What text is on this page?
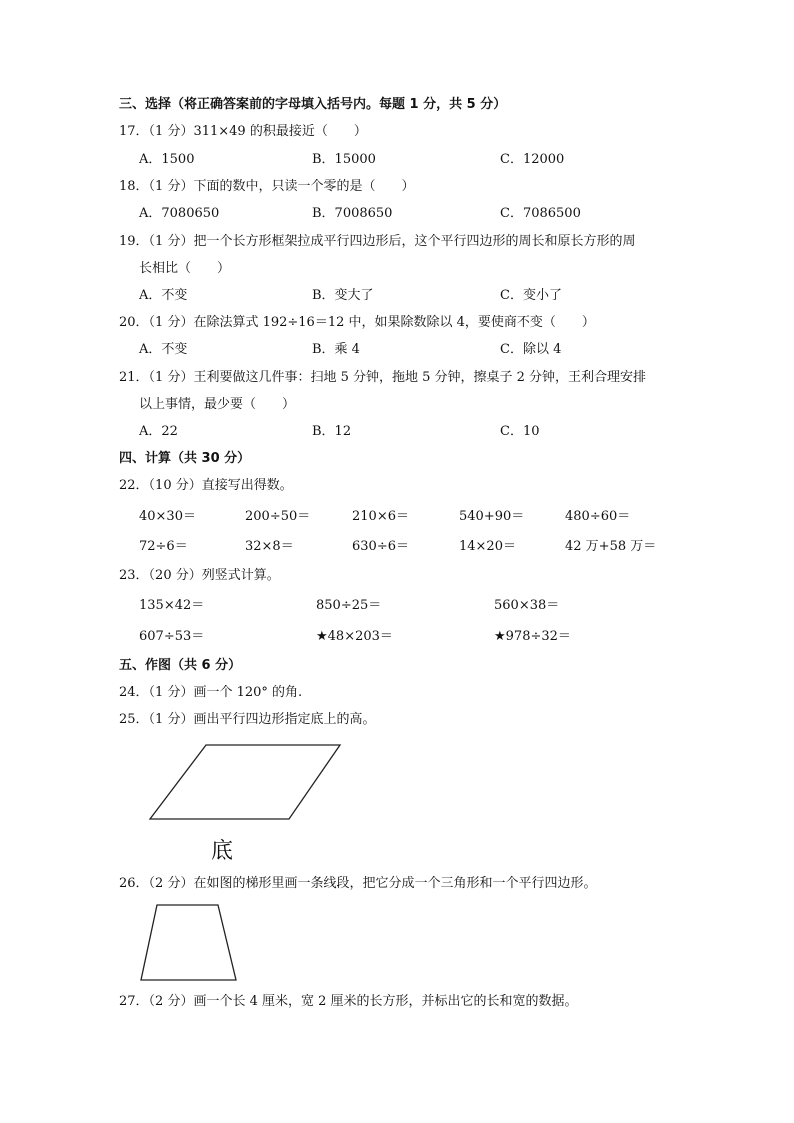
三、选择（将正确答案前的字母填入括号内。每题 1 分，共 5 分）
17．（1 分）311×49 的积最接近（　　）
A．1500	B．15000	C．12000
18．（1 分）下面的数中，只读一个零的是（　　）
A．7080650	B．7008650	C．7086500
19．（1 分）把一个长方形框架拉成平行四边形后，这个平行四边形的周长和原长方形的周
长相比（　　）
A．不变	B．变大了	C．变小了
20．（1 分）在除法算式 192÷16＝12 中，如果除数除以 4，要使商不变（　　）
A．不变	B．乘 4	C．除以 4
21．（1 分）王利要做这几件事：扫地 5 分钟，拖地 5 分钟，擦桌子 2 分钟，王利合理安排
以上事情，最少要（　　）
A．22	B．12	C．10
四、计算（共 30 分）
22．（10 分）直接写出得数。
40×30＝	200÷50＝	210×6＝	540+90＝	480÷60＝
72÷6＝	32×8＝	630÷6＝	14×20＝	42 万+58 万＝
23．（20 分）列竖式计算。
135×42＝	850÷25＝	560×38＝
607÷53＝	★48×203＝	★978÷32＝
五、作图（共 6 分）
24．（1 分）画一个 120° 的角.
25．（1 分）画出平行四边形指定底上的高。
底
26．（2 分）在如图的梯形里画一条线段，把它分成一个三角形和一个平行四边形。
27．（2 分）画一个长 4 厘米，宽 2 厘米的长方形，并标出它的长和宽的数据。
